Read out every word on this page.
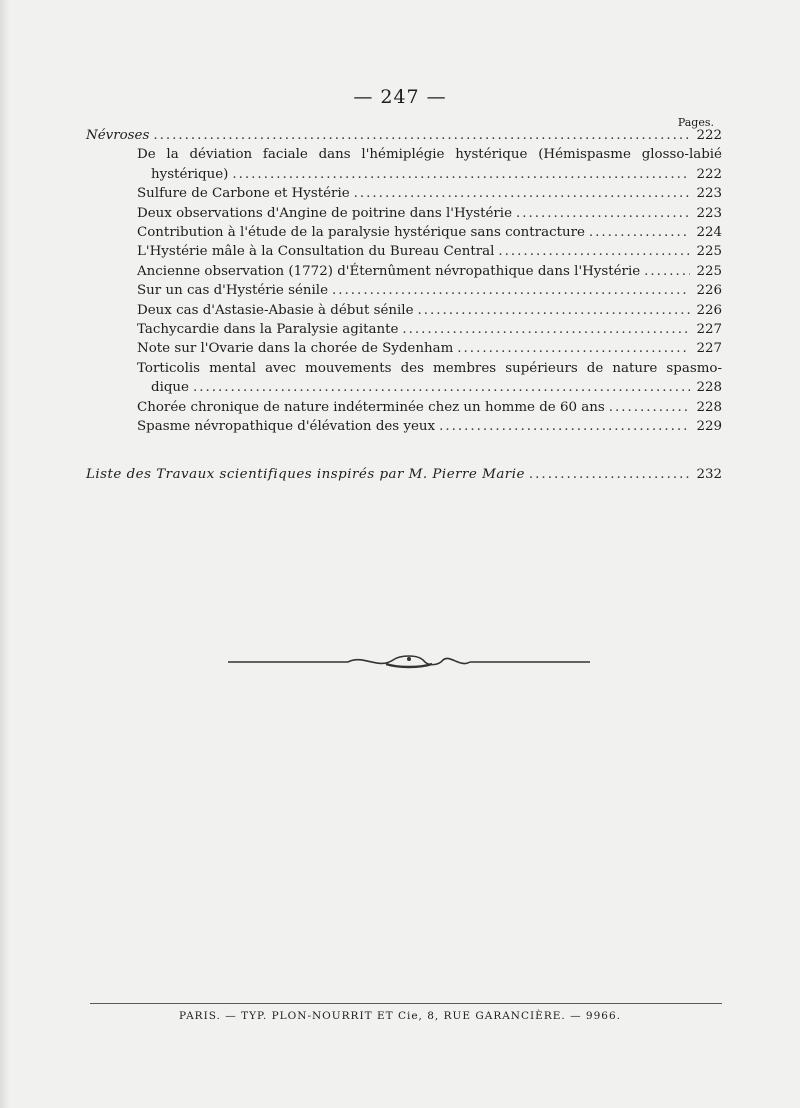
— 247 —
Pages.
Névroses .....	222
De la déviation faciale dans l'hémiplégie hystérique (Hémispasme glosso-labié
hystérique) .....	222
Sulfure de Carbone et Hystérie .....	223
Deux observations d'Angine de poitrine dans l'Hystérie .....	223
Contribution à l'étude de la paralysie hystérique sans contracture .....	224
L'Hystérie mâle à la Consultation du Bureau Central .....	225
Ancienne observation (1772) d'Éternûment névropathique dans l'Hystérie .....	225
Sur un cas d'Hystérie sénile .....	226
Deux cas d'Astasie-Abasie à début sénile .....	226
Tachycardie dans la Paralysie agitante .....	227
Note sur l'Ovarie dans la chorée de Sydenham .....	227
Torticolis mental avec mouvements des membres supérieurs de nature spasmo-
dique .....	228
Chorée chronique de nature indéterminée chez un homme de 60 ans .....	228
Spasme névropathique d'élévation des yeux .....	229
Liste des Travaux scientifiques inspirés par M. Pierre Marie .....	232
PARIS. — TYP. PLON-NOURRIT ET Cie, 8, RUE GARANCIÈRE. — 9966.
